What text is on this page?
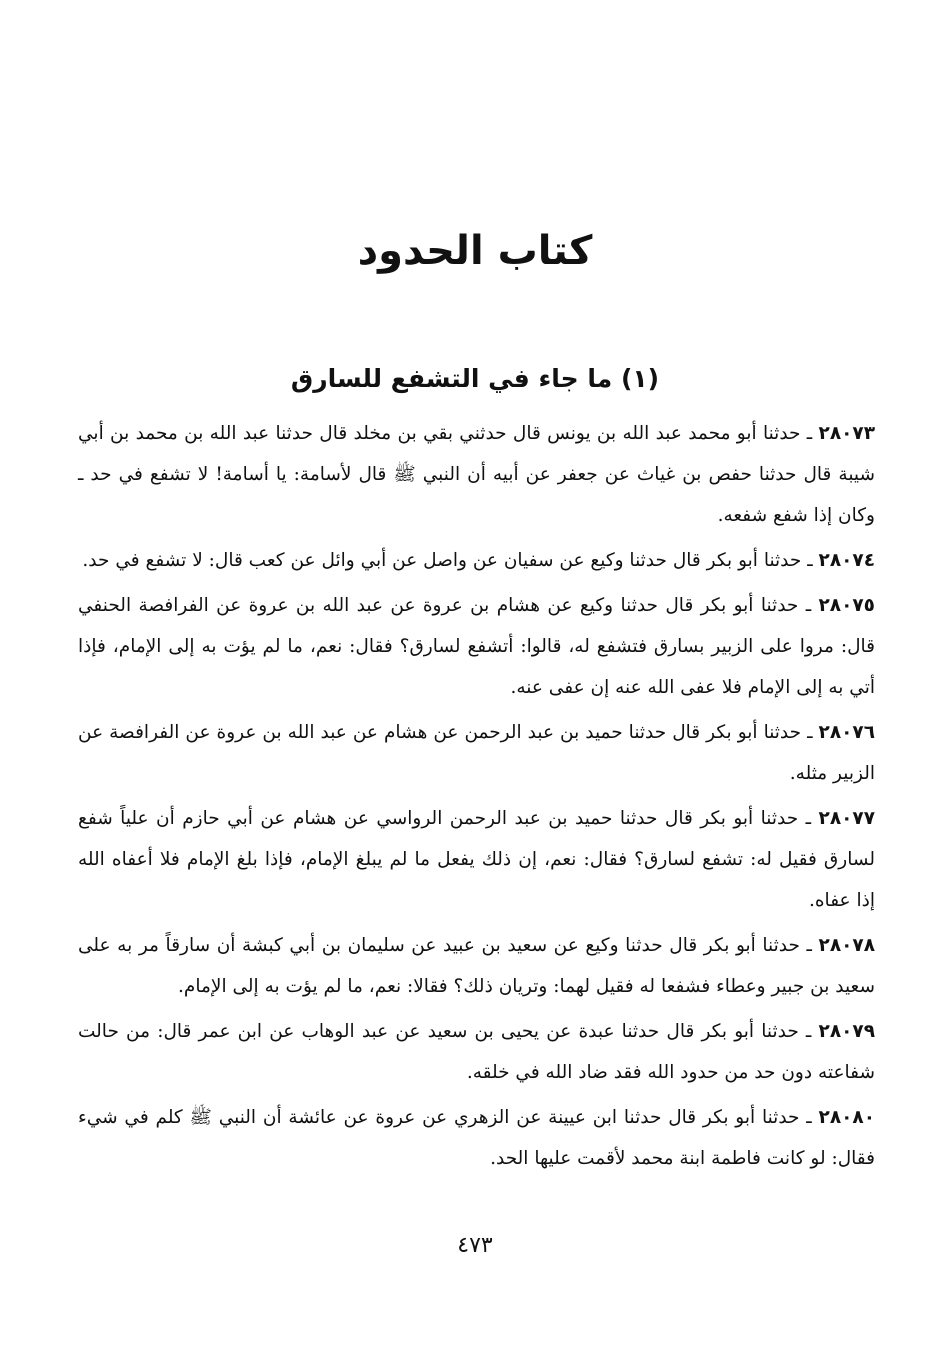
كتاب الحدود
(١) ما جاء في التشفع للسارق

٢٨٠٧٣ ـ حدثنا أبو محمد عبد الله بن يونس قال حدثني بقي بن مخلد قال حدثنا عبد الله بن محمد بن أبي شيبة قال حدثنا حفص بن غياث عن جعفر عن أبيه أن النبي ﷺ قال لأسامة: يا أسامة! لا تشفع في حد ـ وكان إذا شفع شفعه.

٢٨٠٧٤ ـ حدثنا أبو بكر قال حدثنا وكيع عن سفيان عن واصل عن أبي وائل عن كعب قال: لا تشفع في حد.

٢٨٠٧٥ ـ حدثنا أبو بكر قال حدثنا وكيع عن هشام بن عروة عن عبد الله بن عروة عن الفرافصة الحنفي قال: مروا على الزبير بسارق فتشفع له، قالوا: أتشفع لسارق؟ فقال: نعم، ما لم يؤت به إلى الإمام، فإذا أتي به إلى الإمام فلا عفى الله عنه إن عفى عنه.

٢٨٠٧٦ ـ حدثنا أبو بكر قال حدثنا حميد بن عبد الرحمن عن هشام عن عبد الله بن عروة عن الفرافصة عن الزبير مثله.

٢٨٠٧٧ ـ حدثنا أبو بكر قال حدثنا حميد بن عبد الرحمن الرواسي عن هشام عن أبي حازم أن علياً شفع لسارق فقيل له: تشفع لسارق؟ فقال: نعم، إن ذلك يفعل ما لم يبلغ الإمام، فإذا بلغ الإمام فلا أعفاه الله إذا عفاه.

٢٨٠٧٨ ـ حدثنا أبو بكر قال حدثنا وكيع عن سعيد بن عبيد عن سليمان بن أبي كبشة أن سارقاً مر به على سعيد بن جبير وعطاء فشفعا له فقيل لهما: وتريان ذلك؟ فقالا: نعم، ما لم يؤت به إلى الإمام.

٢٨٠٧٩ ـ حدثنا أبو بكر قال حدثنا عبدة عن يحيى بن سعيد عن عبد الوهاب عن ابن عمر قال: من حالت شفاعته دون حد من حدود الله فقد ضاد الله في خلقه.

٢٨٠٨٠ ـ حدثنا أبو بكر قال حدثنا ابن عيينة عن الزهري عن عروة عن عائشة أن النبي ﷺ كلم في شيء فقال: لو كانت فاطمة ابنة محمد لأقمت عليها الحد.

٤٧٣
